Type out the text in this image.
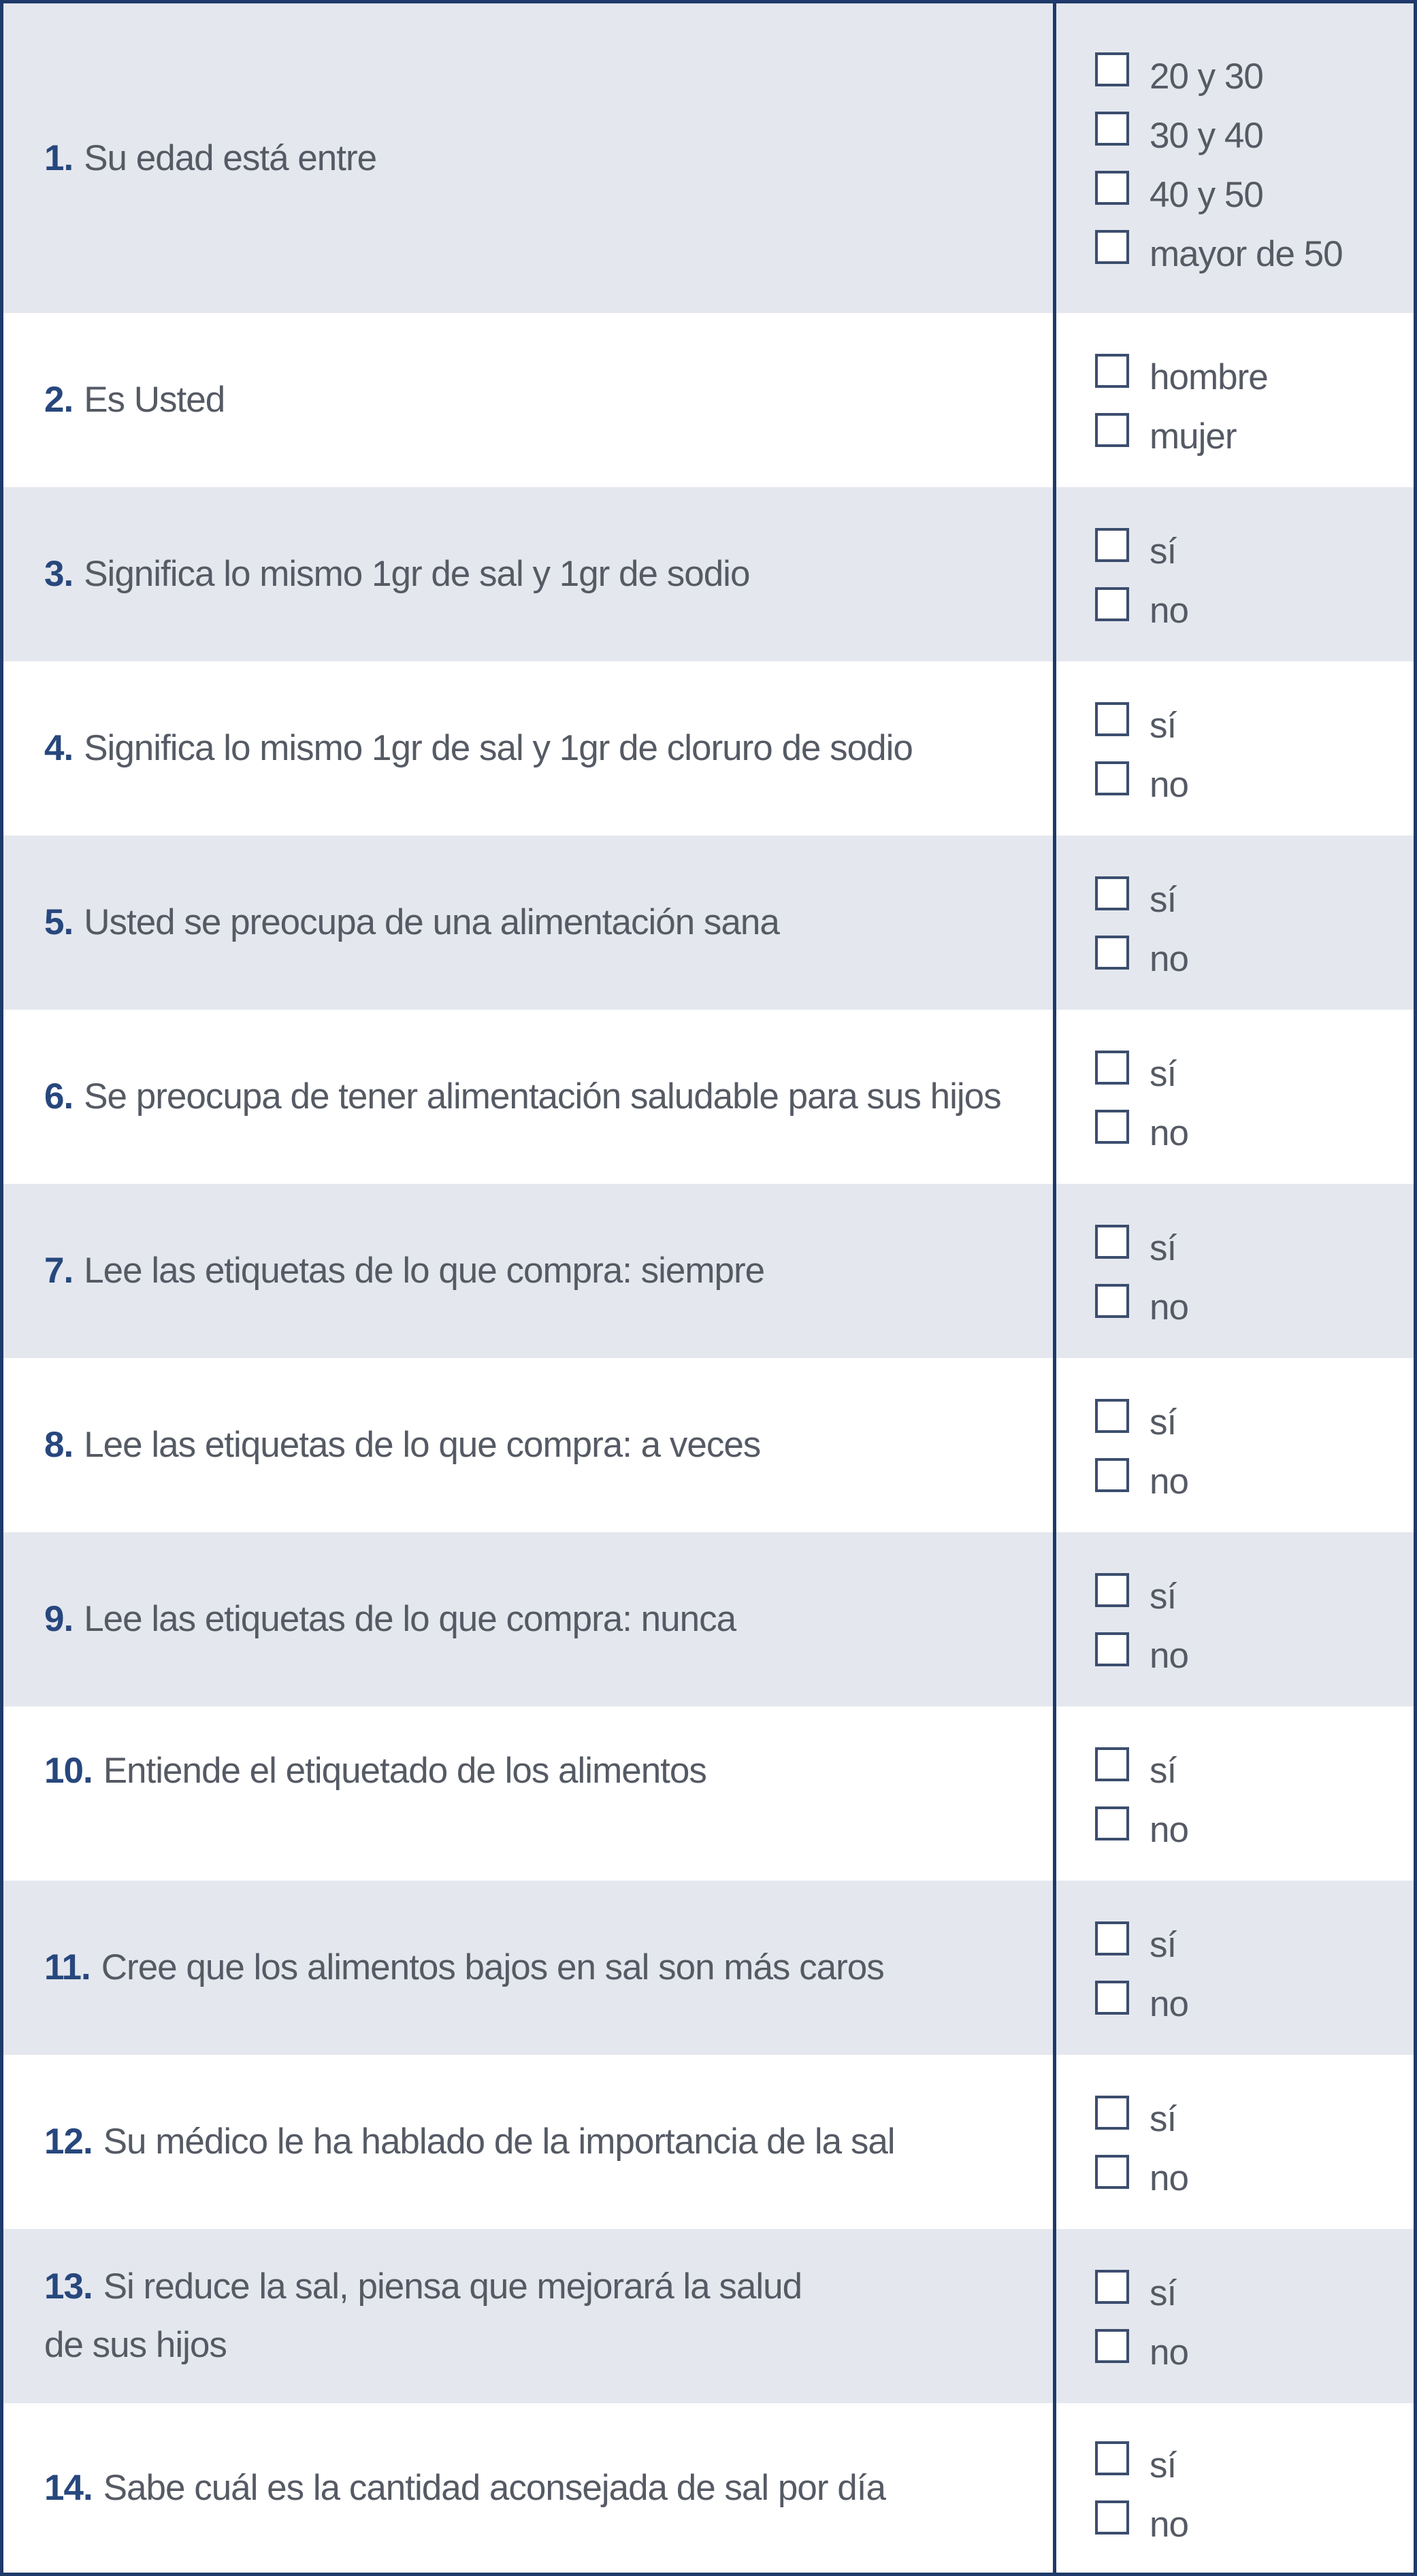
1. Su edad está entre
20 y 30
30 y 40
40 y 50
mayor de 50
2. Es Usted
hombre
mujer
3. Significa lo mismo 1gr de sal y 1gr de sodio
sí
no
4. Significa lo mismo 1gr de sal y 1gr de cloruro de sodio
sí
no
5. Usted se preocupa de una alimentación sana
sí
no
6. Se preocupa de tener alimentación saludable para sus hijos
sí
no
7. Lee las etiquetas de lo que compra: siempre
sí
no
8. Lee las etiquetas de lo que compra: a veces
sí
no
9. Lee las etiquetas de lo que compra: nunca
sí
no
10. Entiende el etiquetado de los alimentos	sí
no
11. Cree que los alimentos bajos en sal son más caros
sí
no
12. Su médico le ha hablado de la importancia de la sal
sí
no
13. Si reduce la sal, piensa que mejorará la salud de sus hijos
sí
no
14. Sabe cuál es la cantidad aconsejada de sal por día
sí
no
